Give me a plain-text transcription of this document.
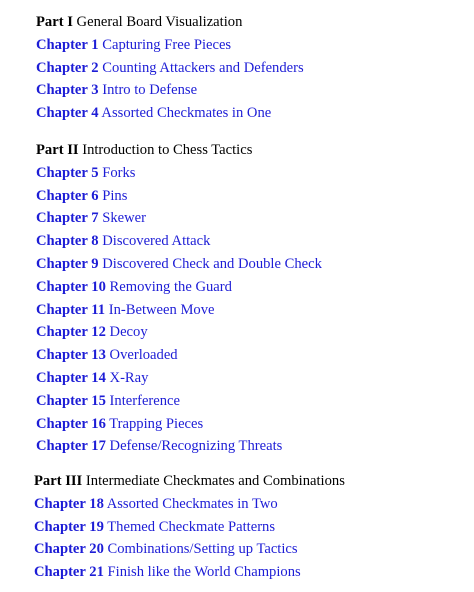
Part I General Board Visualization
Chapter 1 Capturing Free Pieces
Chapter 2 Counting Attackers and Defenders
Chapter 3 Intro to Defense
Chapter 4 Assorted Checkmates in One
Part II Introduction to Chess Tactics
Chapter 5 Forks
Chapter 6 Pins
Chapter 7 Skewer
Chapter 8 Discovered Attack
Chapter 9 Discovered Check and Double Check
Chapter 10 Removing the Guard
Chapter 11 In-Between Move
Chapter 12 Decoy
Chapter 13 Overloaded
Chapter 14 X-Ray
Chapter 15 Interference
Chapter 16 Trapping Pieces
Chapter 17 Defense/Recognizing Threats
Part III Intermediate Checkmates and Combinations
Chapter 18 Assorted Checkmates in Two
Chapter 19 Themed Checkmate Patterns
Chapter 20 Combinations/Setting up Tactics
Chapter 21 Finish like the World Champions
